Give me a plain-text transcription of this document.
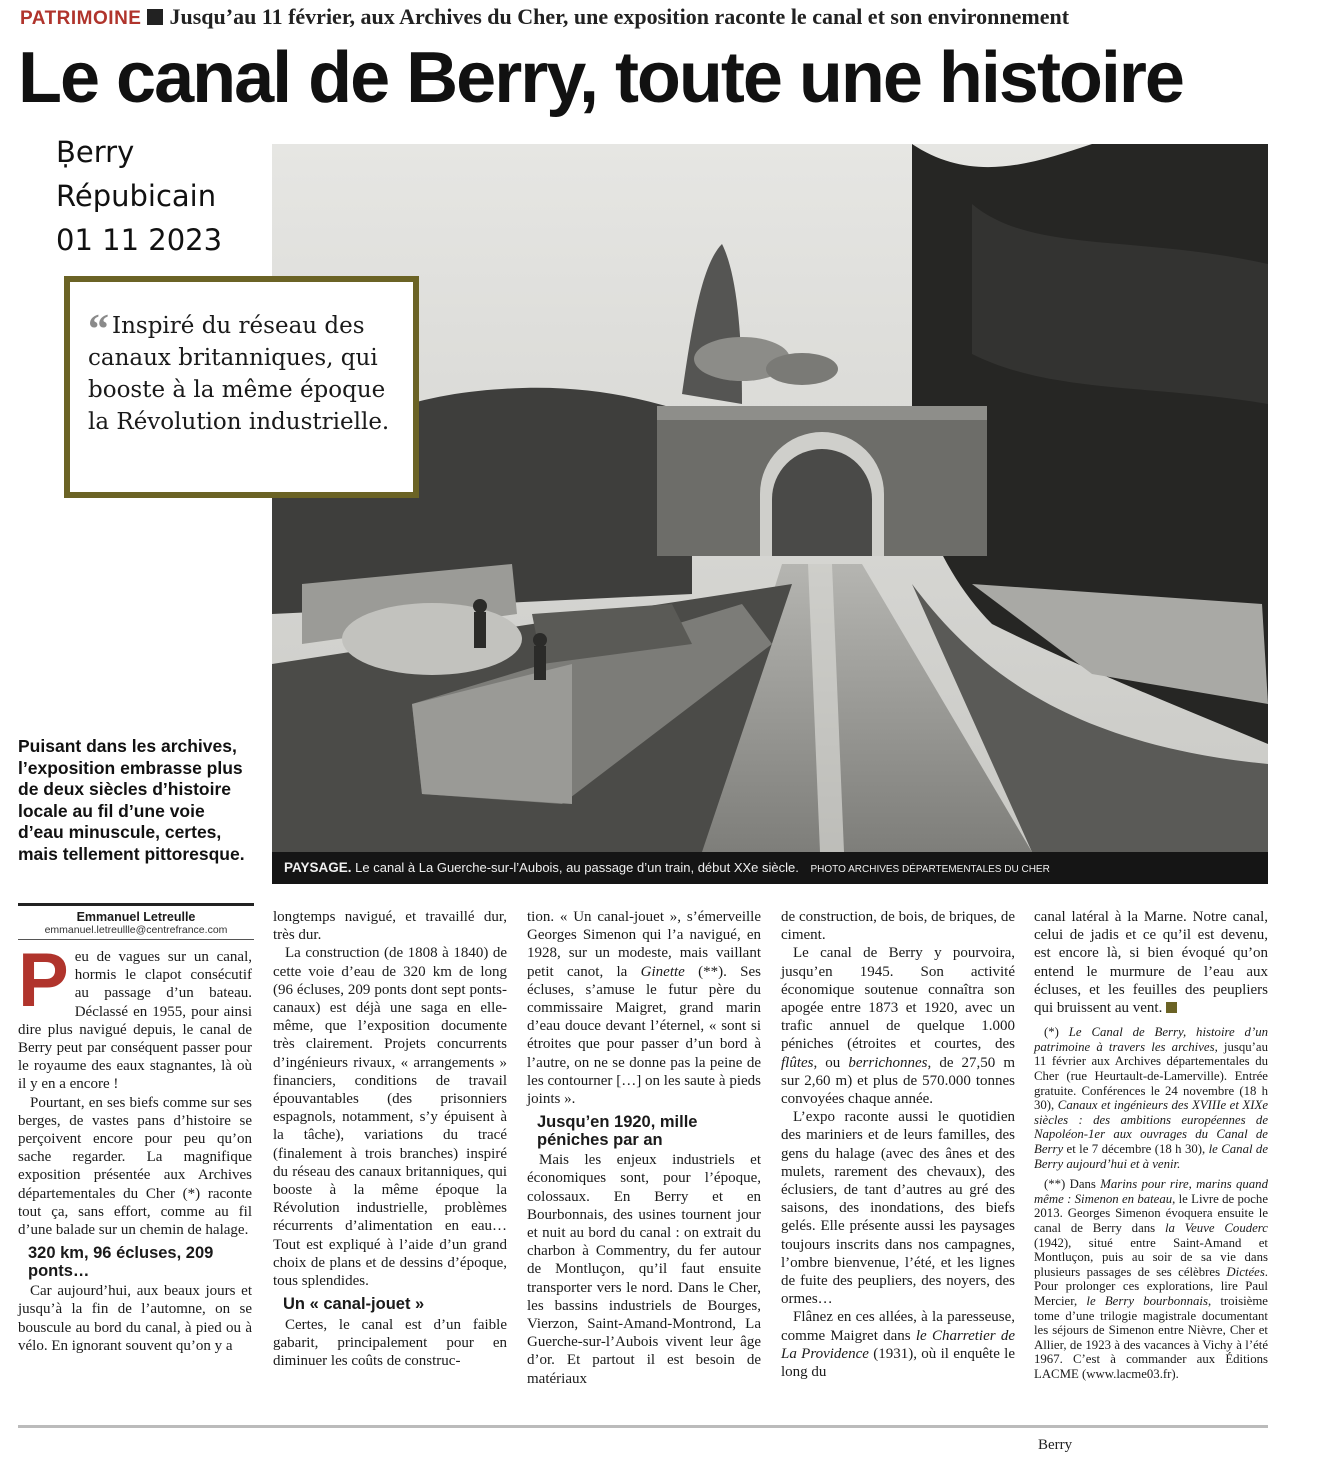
PATRIMOINE Jusqu’au 11 février, aux Archives du Cher, une exposition raconte le canal et son environnement
Le canal de Berry, toute une histoire
Ḅerry
Répubicain
01 11 2023
PAYSAGE. Le canal à La Guerche-sur-l’Aubois, au passage d’un train, début XXe siècle. PHOTO ARCHIVES DÉPARTEMENTALES DU CHER
“ Inspiré du réseau des canaux britanniques, qui booste à la même époque la Révolution industrielle.
Puisant dans les archives, l’exposition embrasse plus de deux siècles d’histoire locale au fil d’une voie d’eau minuscule, certes, mais tellement pittoresque.
Emmanuel Letreulle
emmanuel.letreullle@centrefrance.com
P eu de vagues sur un canal, hormis le clapot consécutif au passage d’un bateau. Déclassé en 1955, pour ainsi dire plus navigué depuis, le canal de Berry peut par conséquent passer pour le royaume des eaux stagnantes, là où il y en a encore !

Pourtant, en ses biefs comme sur ses berges, de vastes pans d’histoire se perçoivent encore pour peu qu’on sache regarder. La magnifique exposition présentée aux Archives départementales du Cher (*) raconte tout ça, sans effort, comme au fil d’une balade sur un chemin de halage.

320 km, 96 écluses, 209 ponts…

Car aujourd’hui, aux beaux jours et jusqu’à la fin de l’automne, on se bouscule au bord du canal, à pied ou à vélo. En ignorant souvent qu’on y a

longtemps navigué, et travaillé dur, très dur.

La construction (de 1808 à 1840) de cette voie d’eau de 320 km de long (96 écluses, 209 ponts dont sept ponts-canaux) est déjà une saga en elle-même, que l’exposition documente très clairement. Projets concurrents d’ingénieurs rivaux, « arrangements » financiers, conditions de travail épouvantables (des prisonniers espagnols, notamment, s’y épuisent à la tâche), variations du tracé (finalement à trois branches) inspiré du réseau des canaux britanniques, qui booste à la même époque la Révolution industrielle, problèmes récurrents d’alimentation en eau… Tout est expliqué à l’aide d’un grand choix de plans et de dessins d’époque, tous splendides.

Un « canal-jouet »

Certes, le canal est d’un faible gabarit, principalement pour en diminuer les coûts de construc-

tion. « Un canal-jouet », s’émerveille Georges Simenon qui l’a navigué, en 1928, sur un modeste, mais vaillant petit canot, la Ginette (**). Ses écluses, s’amuse le futur père du commissaire Maigret, grand marin d’eau douce devant l’éternel, « sont si étroites que pour passer d’un bord à l’autre, on ne se donne pas la peine de les contourner […] on les saute à pieds joints ».

Jusqu’en 1920, mille péniches par an

Mais les enjeux industriels et économiques sont, pour l’époque, colossaux. En Berry et en Bourbonnais, des usines tournent jour et nuit au bord du canal : on extrait du charbon à Commentry, du fer autour de Montluçon, qu’il faut ensuite transporter vers le nord. Dans le Cher, les bassins industriels de Bourges, Vierzon, Saint-Amand-Montrond, La Guerche-sur-l’Aubois vivent leur âge d’or. Et partout il est besoin de matériaux

de construction, de bois, de briques, de ciment.

Le canal de Berry y pourvoira, jusqu’en 1945. Son activité économique soutenue connaîtra son apogée entre 1873 et 1920, avec un trafic annuel de quelque 1.000 péniches (étroites et courtes, des flûtes, ou berrichonnes, de 27,50 m sur 2,60 m) et plus de 570.000 tonnes convoyées chaque année.

L’expo raconte aussi le quotidien des mariniers et de leurs familles, des gens du halage (avec des ânes et des mulets, rarement des chevaux), des éclusiers, de tant d’autres au gré des saisons, des inondations, des biefs gelés. Elle présente aussi les paysages toujours inscrits dans nos campagnes, l’ombre bienvenue, l’été, et les lignes de fuite des peupliers, des noyers, des ormes…

Flânez en ces allées, à la paresseuse, comme Maigret dans le Charretier de La Providence (1931), où il enquête le long du

canal latéral à la Marne. Notre canal, celui de jadis et ce qu’il est devenu, est encore là, si bien évoqué qu’on entend le murmure de l’eau aux écluses, et les feuilles des peupliers qui bruissent au vent.

(*) Le Canal de Berry, histoire d’un patrimoine à travers les archives, jusqu’au 11 février aux Archives départementales du Cher (rue Heurtault-de-Lamerville). Entrée gratuite. Conférences le 24 novembre (18 h 30), Canaux et ingénieurs des XVIIIe et XIXe siècles : des ambitions européennes de Napoléon-1er aux ouvrages du Canal de Berry et le 7 décembre (18 h 30), le Canal de Berry aujourd’hui et à venir.

(**) Dans Marins pour rire, marins quand même : Simenon en bateau, le Livre de poche 2013. Georges Simenon évoquera ensuite le canal de Berry dans la Veuve Couderc (1942), situé entre Saint-Amand et Montluçon, puis au soir de sa vie dans plusieurs passages de ses célèbres Dictées. Pour prolonger ces explorations, lire Paul Mercier, le Berry bourbonnais, troisième tome d’une trilogie magistrale documentant les séjours de Simenon entre Nièvre, Cher et Allier, de 1923 à des vacances à Vichy à l’été 1967. C’est à commander aux Éditions LACME (www.lacme03.fr).

Berry
